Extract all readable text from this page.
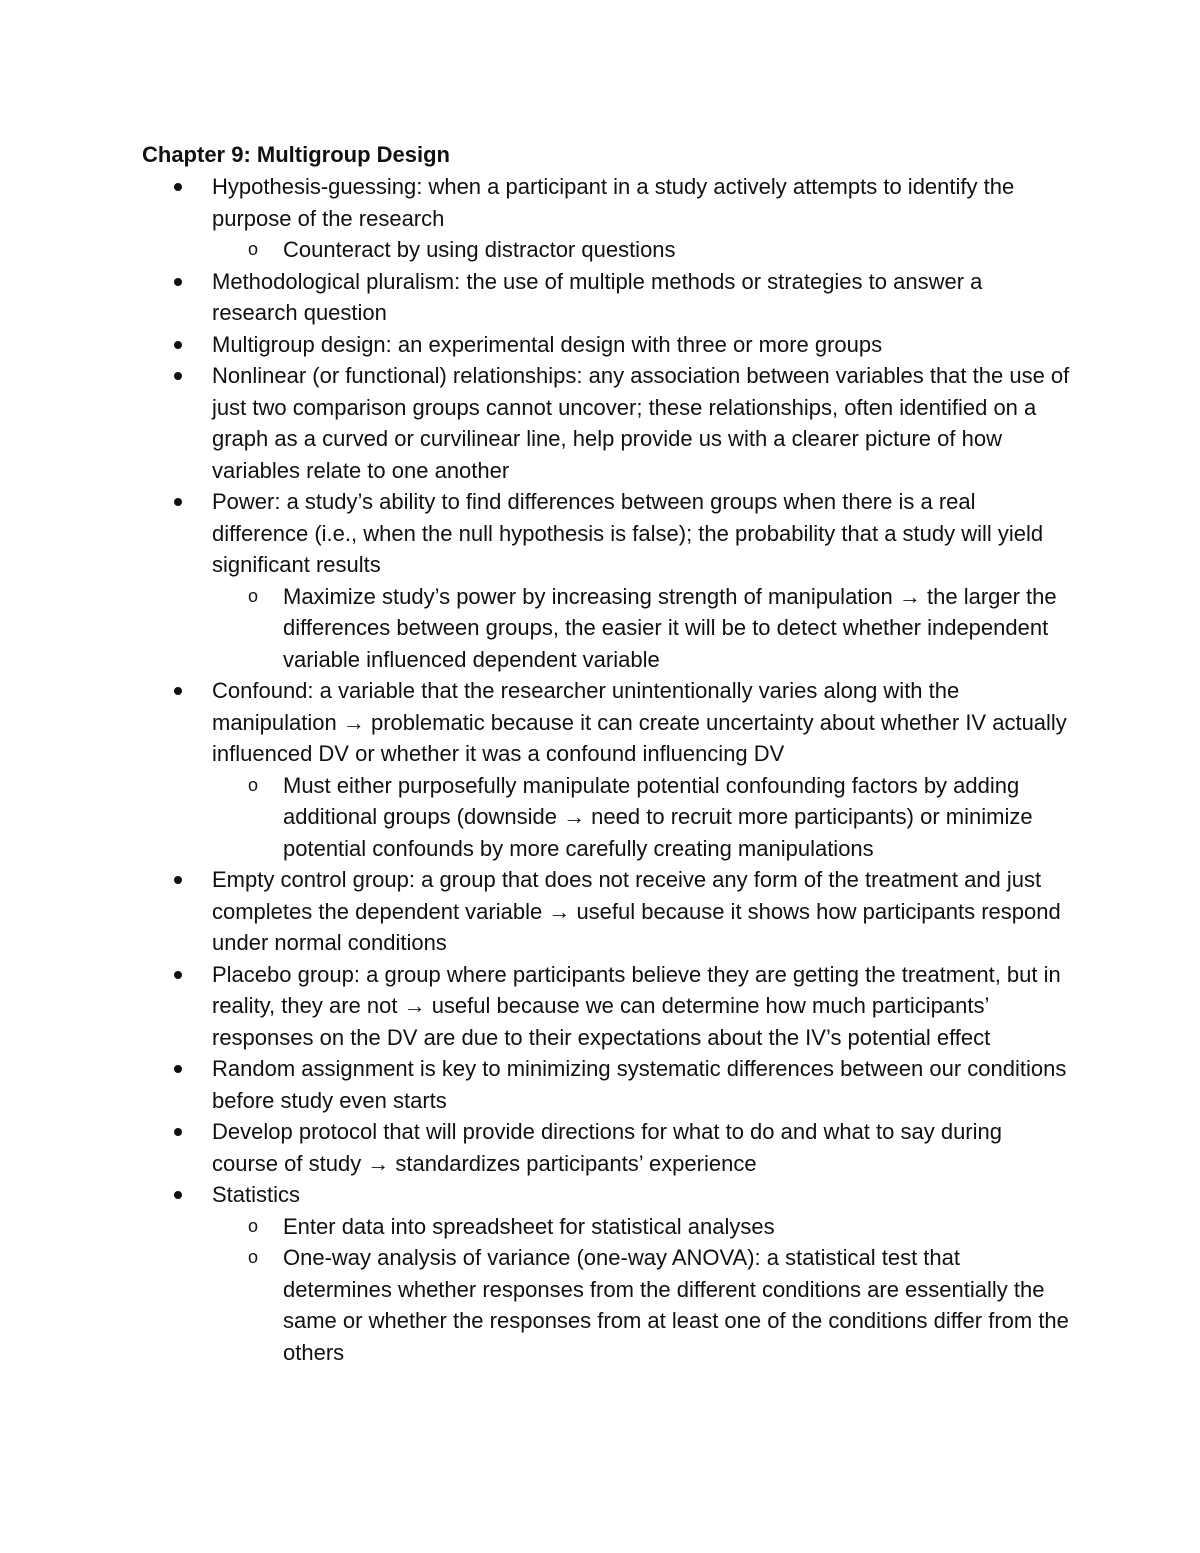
Chapter 9: Multigroup Design
Hypothesis-guessing: when a participant in a study actively attempts to identify the purpose of the research
o Counteract by using distractor questions
Methodological pluralism: the use of multiple methods or strategies to answer a research question
Multigroup design: an experimental design with three or more groups
Nonlinear (or functional) relationships: any association between variables that the use of just two comparison groups cannot uncover; these relationships, often identified on a graph as a curved or curvilinear line, help provide us with a clearer picture of how variables relate to one another
Power: a study’s ability to find differences between groups when there is a real difference (i.e., when the null hypothesis is false); the probability that a study will yield significant results
o Maximize study’s power by increasing strength of manipulation → the larger the differences between groups, the easier it will be to detect whether independent variable influenced dependent variable
Confound: a variable that the researcher unintentionally varies along with the manipulation → problematic because it can create uncertainty about whether IV actually influenced DV or whether it was a confound influencing DV
o Must either purposefully manipulate potential confounding factors by adding additional groups (downside → need to recruit more participants) or minimize potential confounds by more carefully creating manipulations
Empty control group: a group that does not receive any form of the treatment and just completes the dependent variable → useful because it shows how participants respond under normal conditions
Placebo group: a group where participants believe they are getting the treatment, but in reality, they are not → useful because we can determine how much participants’ responses on the DV are due to their expectations about the IV’s potential effect
Random assignment is key to minimizing systematic differences between our conditions before study even starts
Develop protocol that will provide directions for what to do and what to say during course of study → standardizes participants’ experience
Statistics
o Enter data into spreadsheet for statistical analyses
o One-way analysis of variance (one-way ANOVA): a statistical test that determines whether responses from the different conditions are essentially the same or whether the responses from at least one of the conditions differ from the others
